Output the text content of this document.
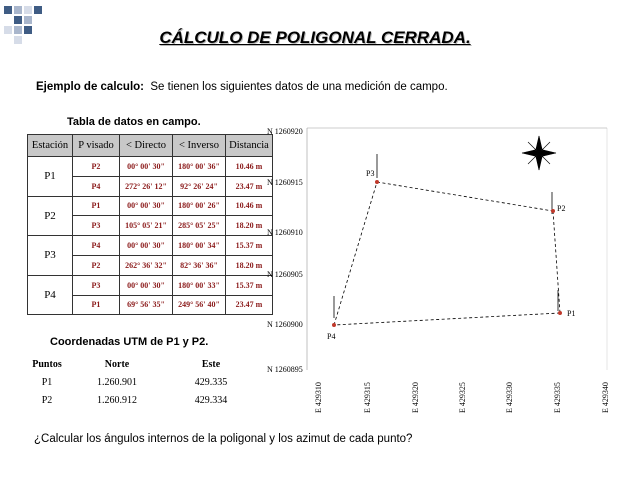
CÁLCULO DE POLIGONAL CERRADA.
Ejemplo de calculo: Se tienen los siguientes datos de una medición de campo.
Tabla de datos en campo.
Estación	P visado	< Directo	< Inverso	Distancia
P1	P2	00° 00' 30"	180° 00' 36"	10.46 m
	P4	272° 26' 12"	92° 26' 24"	23.47 m
P2	P1	00° 00' 30"	180° 00' 26"	10.46 m
	P3	105° 05' 21"	285° 05' 25"	18.20 m
P3	P4	00° 00' 30"	180° 00' 34"	15.37 m
	P2	262° 36' 32"	82° 36' 36"	18.20 m
P4	P3	00° 00' 30"	180° 00' 33"	15.37 m
	P1	69° 56' 35"	249° 56' 40"	23.47 m
Coordenadas UTM de P1 y P2.
Puntos	Norte	Este
P1	1.260.901	429.335
P2	1.260.912	429.334
N 1260920
N 1260915
N 1260910
N 1260905
N 1260900
N 1260895
E 429310	E 429315	E 429320	E 429325	E 429330	E 429335	E 429340
P3
P2
P1
P4
¿Calcular los ángulos internos de la poligonal y los azimut de cada punto?
